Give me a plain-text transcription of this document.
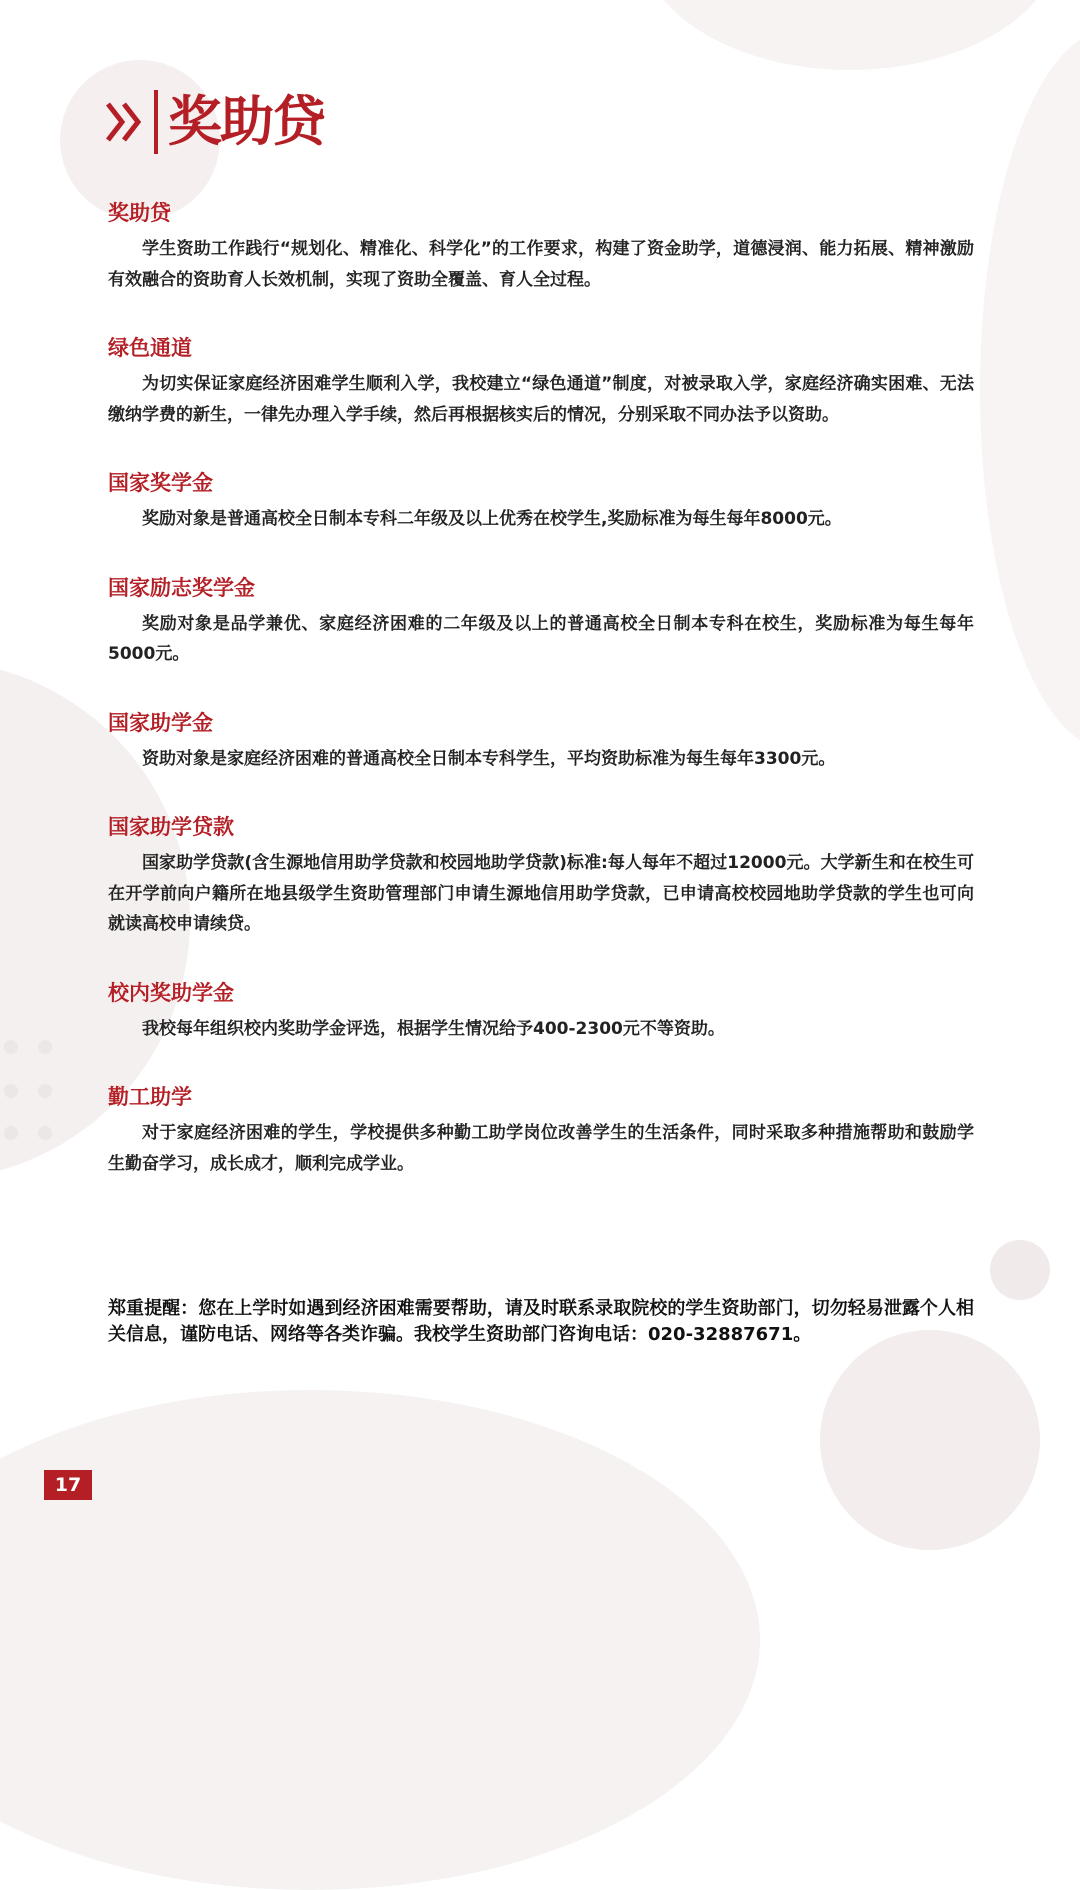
奖助贷
奖助贷

学生资助工作践行“规划化、精准化、科学化”的工作要求，构建了资金助学，道德浸润、能力拓展、精神激励有效融合的资助育人长效机制，实现了资助全覆盖、育人全过程。

绿色通道

为切实保证家庭经济困难学生顺利入学，我校建立“绿色通道”制度，对被录取入学，家庭经济确实困难、无法缴纳学费的新生，一律先办理入学手续，然后再根据核实后的情况，分别采取不同办法予以资助。

国家奖学金

奖励对象是普通高校全日制本专科二年级及以上优秀在校学生,奖励标准为每生每年8000元。

国家励志奖学金

奖励对象是品学兼优、家庭经济困难的二年级及以上的普通高校全日制本专科在校生，奖励标准为每生每年5000元。

国家助学金

资助对象是家庭经济困难的普通高校全日制本专科学生，平均资助标准为每生每年3300元。

国家助学贷款

国家助学贷款(含生源地信用助学贷款和校园地助学贷款)标准:每人每年不超过12000元。大学新生和在校生可在开学前向户籍所在地县级学生资助管理部门申请生源地信用助学贷款，已申请高校校园地助学贷款的学生也可向就读高校申请续贷。

校内奖助学金

我校每年组织校内奖助学金评选，根据学生情况给予400-2300元不等资助。

勤工助学

对于家庭经济困难的学生，学校提供多种勤工助学岗位改善学生的生活条件，同时采取多种措施帮助和鼓励学生勤奋学习，成长成才，顺利完成学业。

郑重提醒：您在上学时如遇到经济困难需要帮助，请及时联系录取院校的学生资助部门，切勿轻易泄露个人相关信息，谨防电话、网络等各类诈骗。我校学生资助部门咨询电话：020-32887671。

17
